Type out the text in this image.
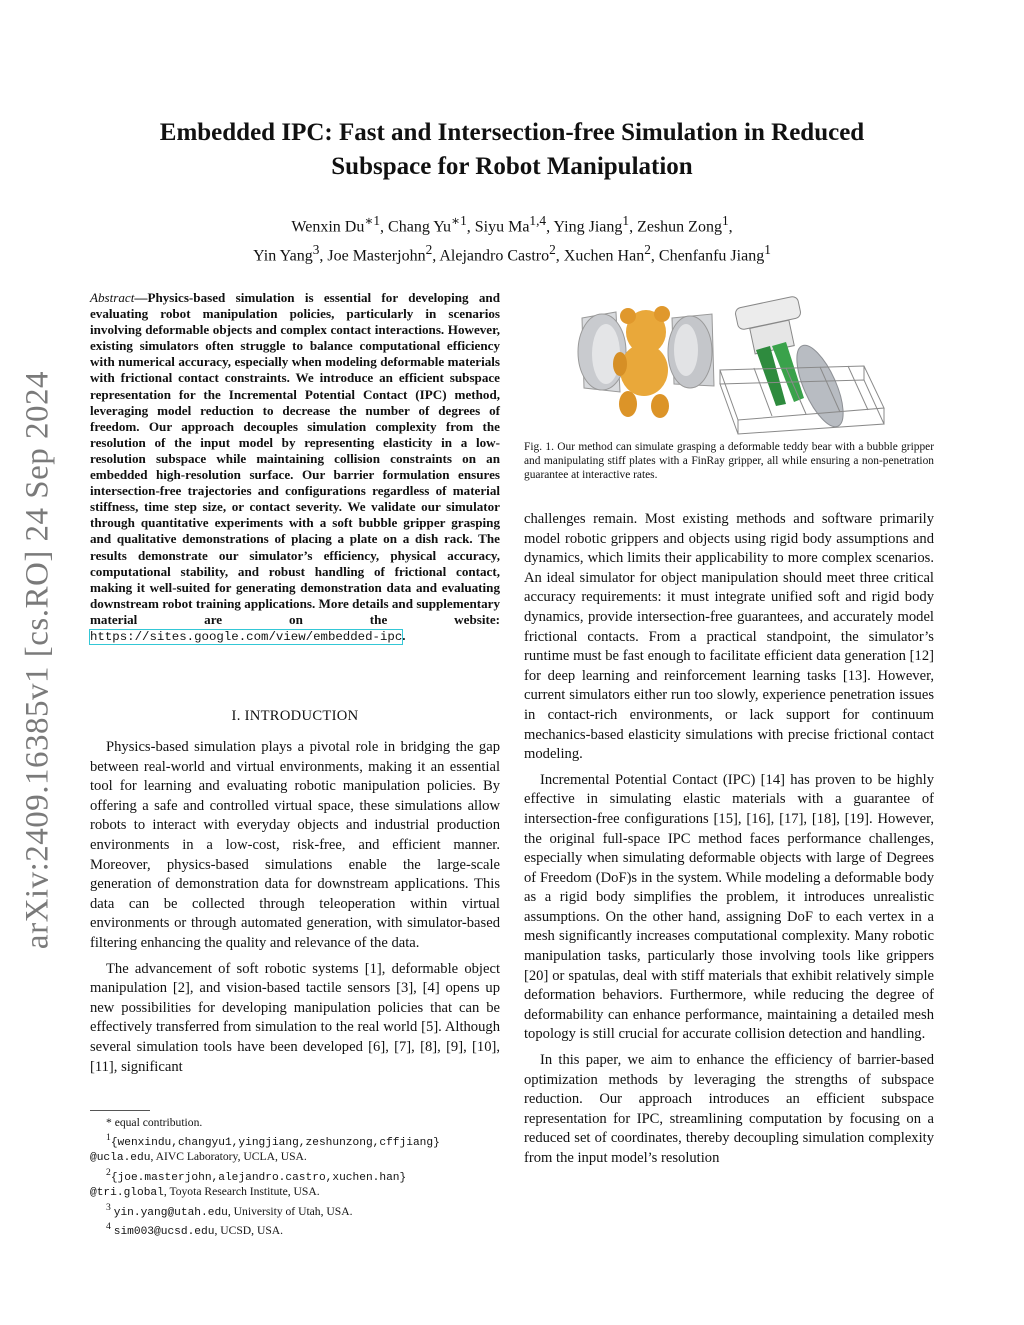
Embedded IPC: Fast and Intersection-free Simulation in Reduced
Subspace for Robot Manipulation
Wenxin $Du^{∗1}$, Chang $Yu^{∗1}$, Siyu Ma$^{1,4}$, Ying Jiang$^1$, Zeshun Zong$^1$,
Yin Yang$^3$, Joe Masterjohn$^2$, Alejandro Castro$^2$, Xuchen Han$^2$, Chenfanfu Jiang$^1$
arXiv:2409.16385v1 [cs.RO] 24 Sep 2024
Abstract—Physics-based simulation is essential for developing and evaluating robot manipulation policies, particularly in scenarios involving deformable objects and complex contact interactions. However, existing simulators often struggle to balance computational efficiency with numerical accuracy, especially when modeling deformable materials with frictional contact constraints. We introduce an efficient subspace representation for the Incremental Potential Contact (IPC) method, leveraging model reduction to decrease the number of degrees of freedom. Our approach decouples simulation complexity from the resolution of the input model by representing elasticity in a low-resolution subspace while maintaining collision constraints on an embedded high-resolution surface. Our barrier formulation ensures intersection-free trajectories and configurations regardless of material stiffness, time step size, or contact severity. We validate our simulator through quantitative experiments with a soft bubble gripper grasping and qualitative demonstrations of placing a plate on a dish rack. The results demonstrate our simulator’s efficiency, physical accuracy, computational stability, and robust handling of frictional contact, making it well-suited for generating demonstration data and evaluating downstream robot training applications. More details and supplementary material are on the website: https://sites.google.com/view/embedded-ipc.
I. INTRODUCTION

Physics-based simulation plays a pivotal role in bridging the gap between real-world and virtual environments, making it an essential tool for learning and evaluating robotic manipulation policies. By offering a safe and controlled virtual space, these simulations allow robots to interact with everyday objects and industrial production environments in a low-cost, risk-free, and efficient manner. Moreover, physics-based simulations enable the large-scale generation of demonstration data for downstream applications. This data can be collected through teleoperation within virtual environments or through automated generation, with simulator-based filtering enhancing the quality and relevance of the data.

The advancement of soft robotic systems [1], deformable object manipulation [2], and vision-based tactile sensors [3], [4] opens up new possibilities for developing manipulation policies that can be effectively transferred from simulation to the real world [5]. Although several simulation tools have been developed [6], [7], [8], [9], [10], [11], significant

* equal contribution.
$^1${wenxindu,changyu1,yingjiang,zeshunzong,cffjiang}
@ucla.edu, AIVC Laboratory, UCLA, USA.
$^2${joe.masterjohn,alejandro.castro,xuchen.han}
@tri.global, Toyota Research Institute, USA.
$^3$ yin.yang@utah.edu, University of Utah, USA.
$^4$ sim003@ucsd.edu, UCSD, USA.
Fig. 1. Our method can simulate grasping a deformable teddy bear with a bubble gripper and manipulating stiff plates with a FinRay gripper, all while ensuring a non-penetration guarantee at interactive rates.

challenges remain. Most existing methods and software primarily model robotic grippers and objects using rigid body assumptions and dynamics, which limits their applicability to more complex scenarios. An ideal simulator for object manipulation should meet three critical accuracy requirements: it must integrate unified soft and rigid body dynamics, provide intersection-free guarantees, and accurately model frictional contacts. From a practical standpoint, the simulator’s runtime must be fast enough to facilitate efficient data generation [12] for deep learning and reinforcement learning tasks [13]. However, current simulators either run too slowly, experience penetration issues in contact-rich environments, or lack support for continuum mechanics-based elasticity simulations with precise frictional contact modeling.

Incremental Potential Contact (IPC) [14] has proven to be highly effective in simulating elastic materials with a guarantee of intersection-free configurations [15], [16], [17], [18], [19]. However, the original full-space IPC method faces performance challenges, especially when simulating deformable objects with large of Degrees of Freedom (DoF)s in the system. While modeling a deformable body as a rigid body simplifies the problem, it introduces unrealistic assumptions. On the other hand, assigning DoF to each vertex in a mesh significantly increases computational complexity. Many robotic manipulation tasks, particularly those involving tools like grippers [20] or spatulas, deal with stiff materials that exhibit relatively simple deformation behaviors. Furthermore, while reducing the degree of deformability can enhance performance, maintaining a detailed mesh topology is still crucial for accurate collision detection and handling.

In this paper, we aim to enhance the efficiency of barrier-based optimization methods by leveraging the strengths of subspace reduction. Our approach introduces an efficient subspace representation for IPC, streamlining computation by focusing on a reduced set of coordinates, thereby decoupling simulation complexity from the input model’s resolution
